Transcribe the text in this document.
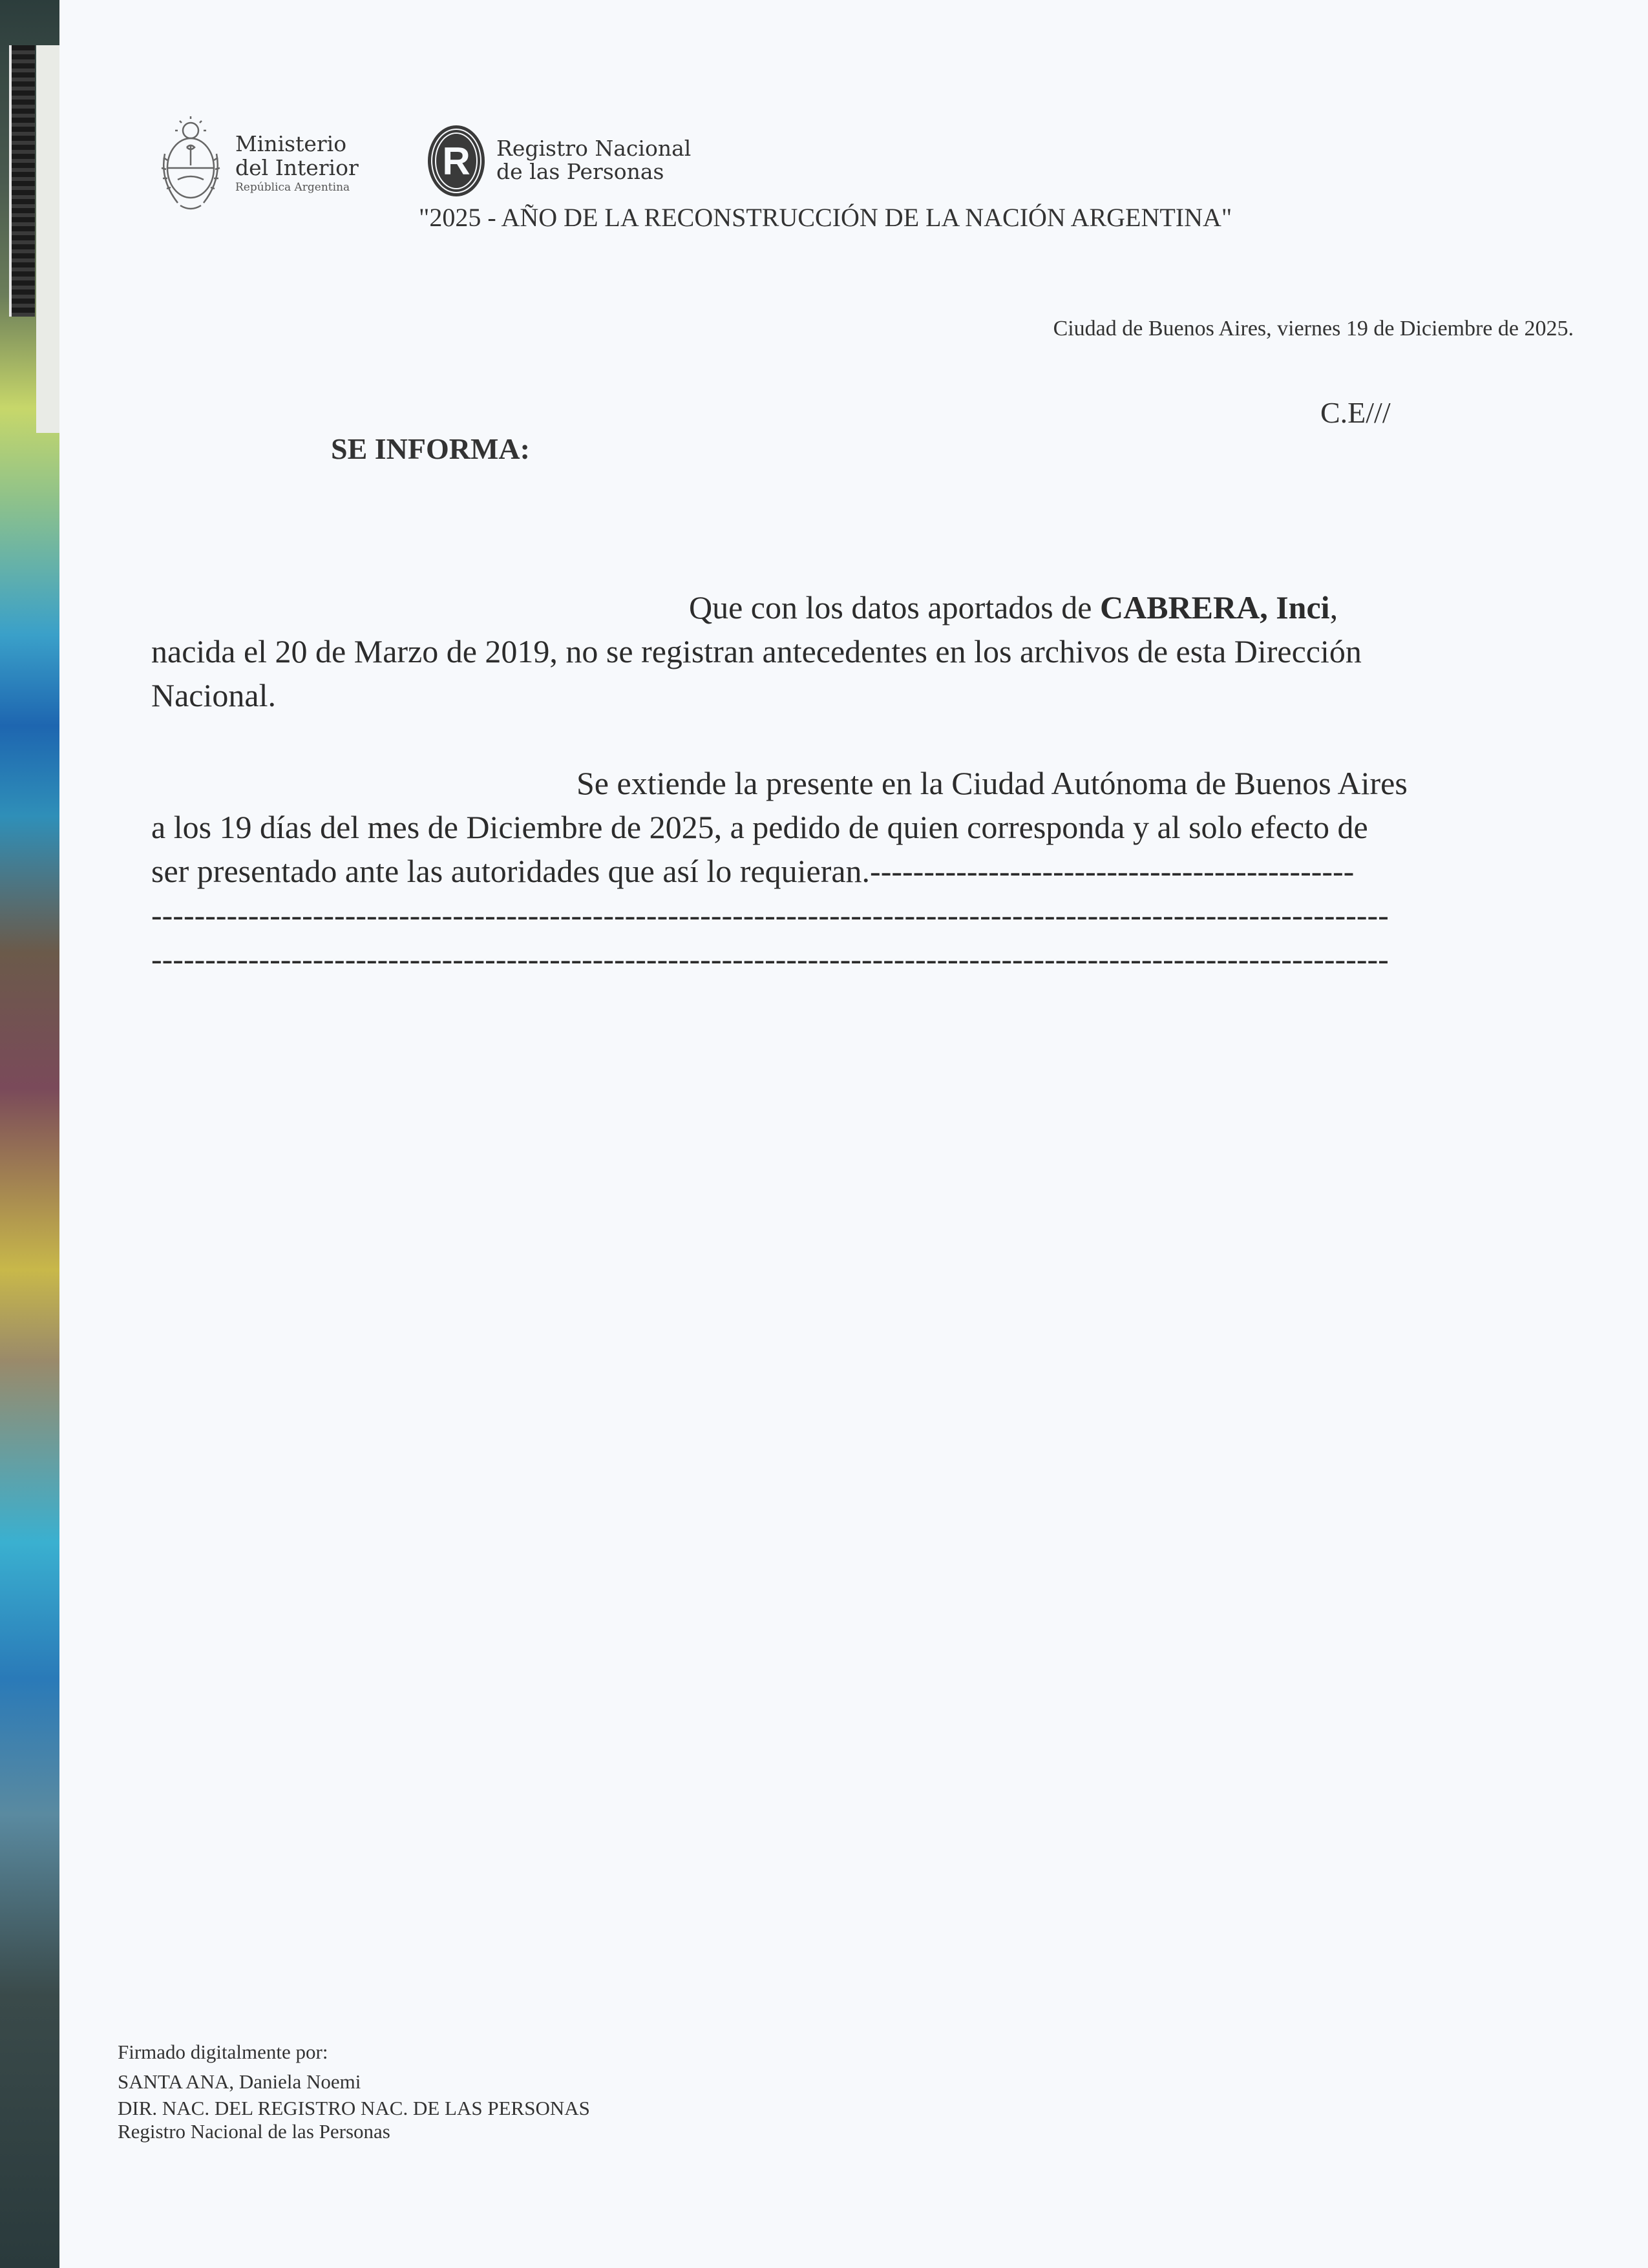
Ministerio
del Interior
República Argentina
R Registro Nacional
de las Personas
"2025 - AÑO DE LA RECONSTRUCCIÓN DE LA NACIÓN ARGENTINA"
Ciudad de Buenos Aires, viernes 19 de Diciembre de 2025.
C.E///
SE INFORMA:
Que con los datos aportados de CABRERA, Inci,
nacida el 20 de Marzo de 2019, no se registran antecedentes en los archivos de esta Dirección
Nacional.
Se extiende la presente en la Ciudad Autónoma de Buenos Aires
a los 19 días del mes de Diciembre de 2025, a pedido de quien corresponda y al solo efecto de
ser presentado ante las autoridades que así lo requieran.---------------------------------------------
-------------------------------------------------------------------------------------------------------------------
-------------------------------------------------------------------------------------------------------------------
Firmado digitalmente por:
SANTA ANA, Daniela Noemi
DIR. NAC. DEL REGISTRO NAC. DE LAS PERSONAS
Registro Nacional de las Personas
